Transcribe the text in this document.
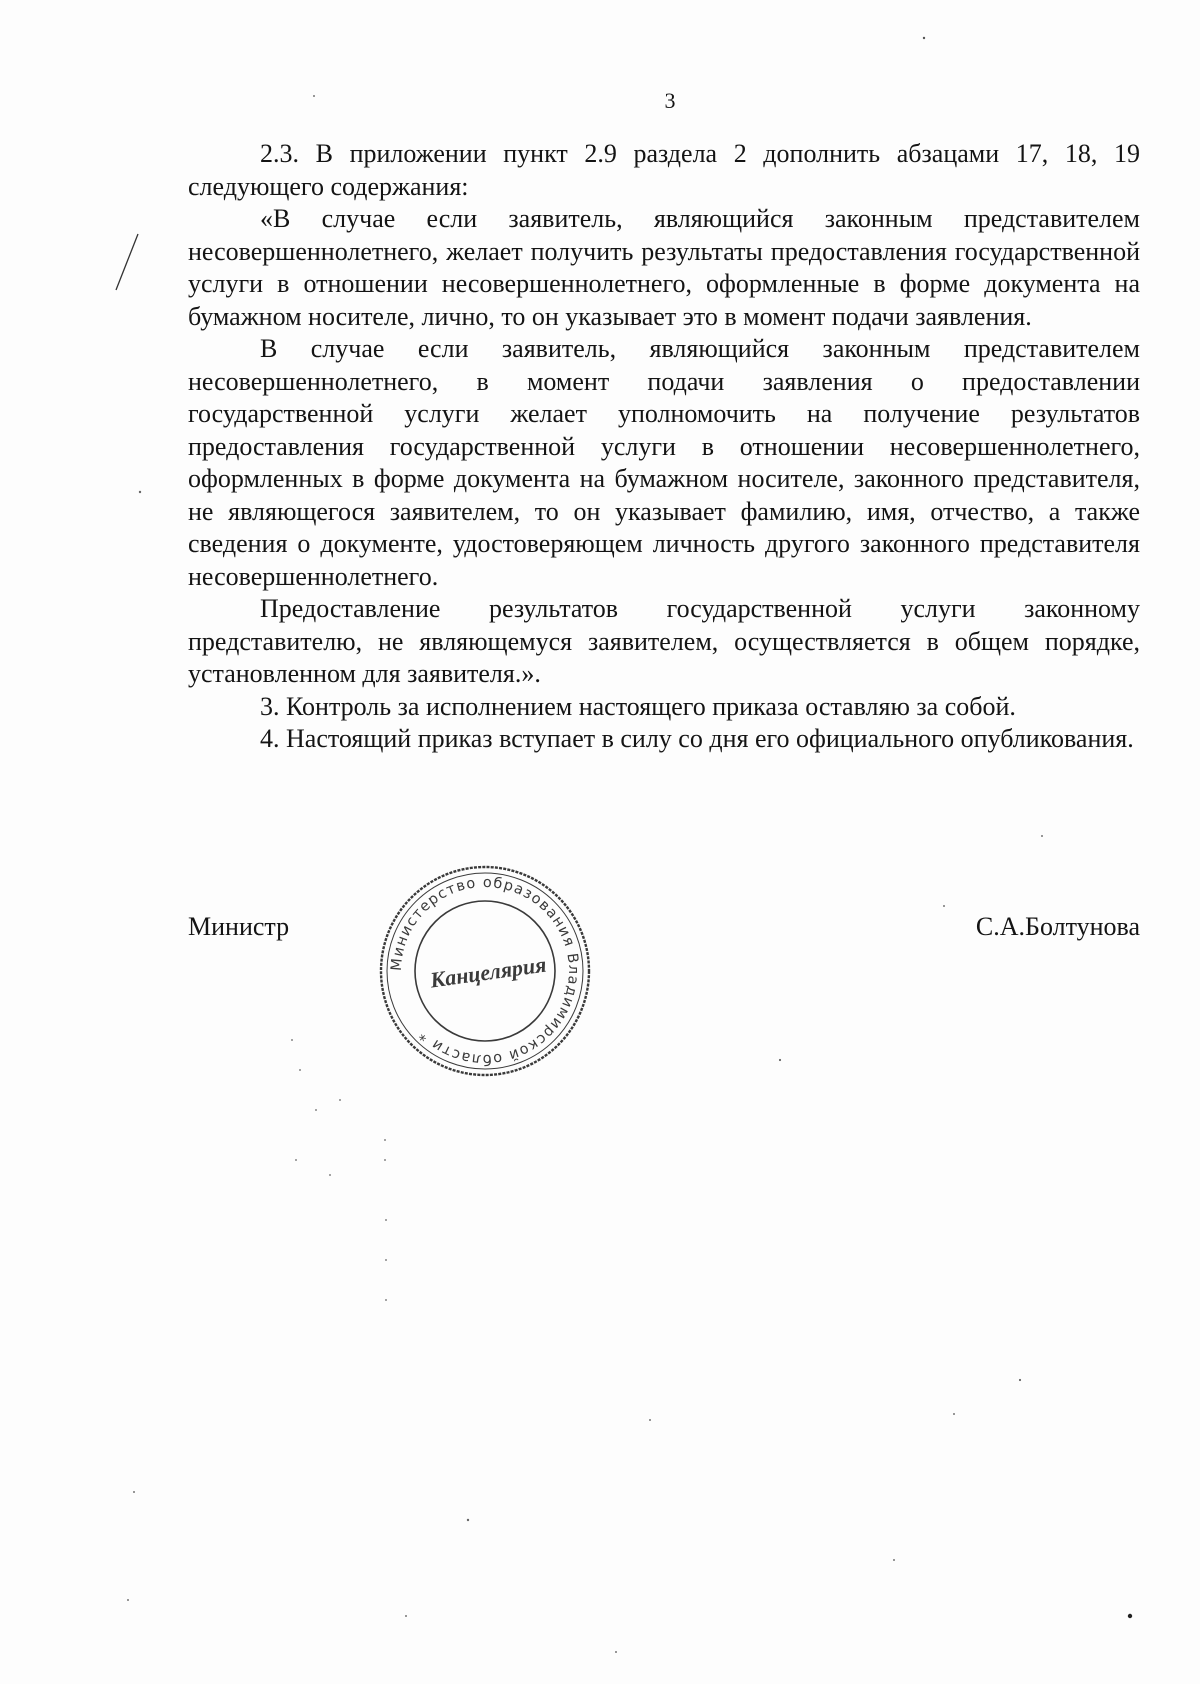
3

2.3. В приложении пункт 2.9 раздела 2 дополнить абзацами 17, 18, 19 следующего содержания:

«В случае если заявитель, являющийся законным представителем несовершеннолетнего, желает получить результаты предоставления государственной услуги в отношении несовершеннолетнего, оформленные в форме документа на бумажном носителе, лично, то он указывает это в момент подачи заявления.

В случае если заявитель, являющийся законным представителем несовершеннолетнего, в момент подачи заявления о предоставлении государственной услуги желает уполномочить на получение результатов предоставления государственной услуги в отношении несовершеннолетнего, оформленных в форме документа на бумажном носителе, законного представителя, не являющегося заявителем, то он указывает фамилию, имя, отчество, а также сведения о документе, удостоверяющем личность другого законного представителя несовершеннолетнего.

Предоставление результатов государственной услуги законному представителю, не являющемуся заявителем, осуществляется в общем порядке, установленном для заявителя.».

3. Контроль за исполнением настоящего приказа оставляю за собой.

4. Настоящий приказ вступает в силу со дня его официального опубликования.

Министр	С.А.Болтунова
Министерство образования Владимирской области *
Канцелярия
